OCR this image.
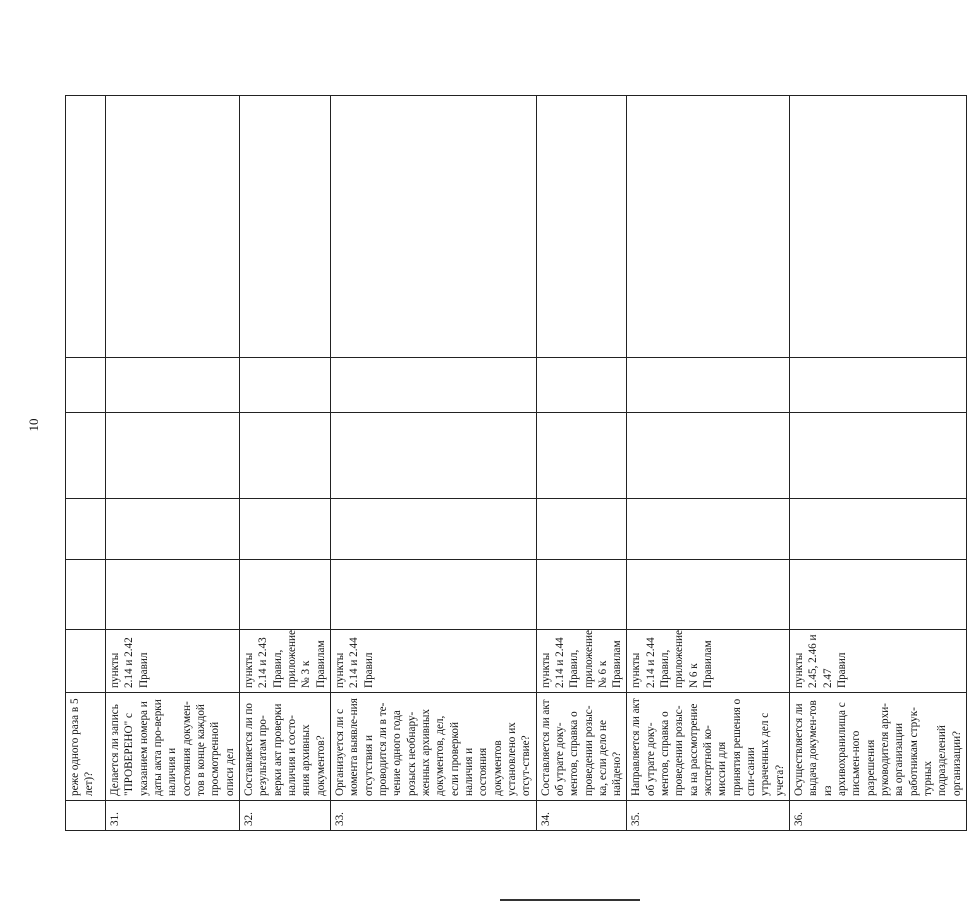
10
	реже одного раза в 5 лет)?						
31.	Делается ли запись "ПРОВЕРЕНО" с указанием номера и даты акта про-верки наличия и состояния докумен-тов в конце каждой просмотренной описи дел	пункты 2.14 и 2.42 Правил					
32.	Составляется ли по результатам про-верки акт проверки наличия и состо-яния архивных документов?	пункты 2.14 и 2.43 Правил, приложение № 3 к Правилам					
33.	Организуется ли с момента выявле-ния отсутствия и проводится ли в те-чение одного года розыск необнару-женных архивных документов, дел, если проверкой наличия и состояния документов установлено их отсут-ствие?	пункты 2.14 и 2.44 Правил					
34.	Составляется ли акт об утрате доку-ментов, справка о проведении розыс-ка, если дело не найдено?	пункты 2.14 и 2.44 Правил, приложение № 6 к Правилам					
35.	Направляется ли акт об утрате доку-ментов, справка о проведении розыс-ка на рассмотрение экспертной ко-миссии для принятия решения о спи-сании утраченных дел с учета?	пункты 2.14 и 2.44 Правил, приложение N 6 к Правилам					
36.	Осуществляется ли выдача докумен-тов из архивохранилища с письмен-ного разрешения руководителя архи-ва организации работникам струк-турных подразделений организации?	пункты 2.45, 2.46 и 2.47 Правил					
